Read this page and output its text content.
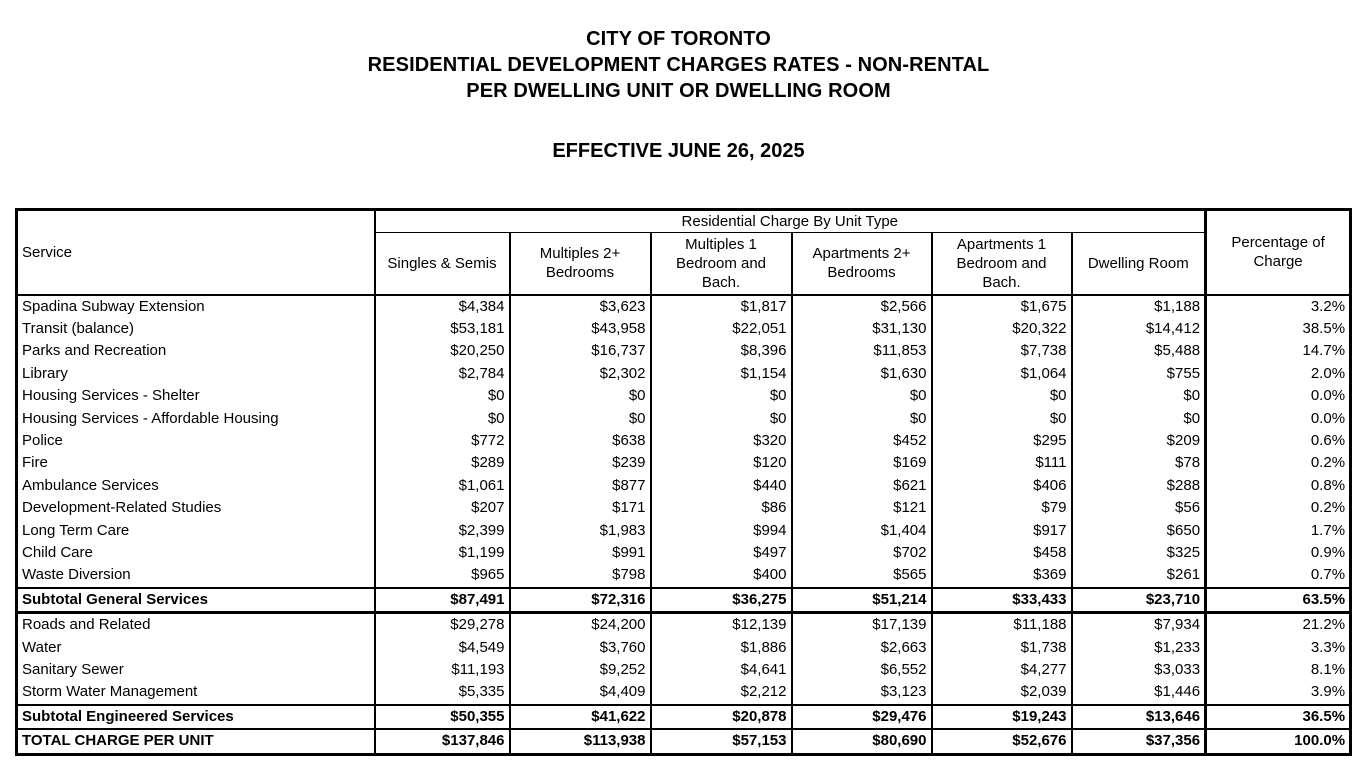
CITY OF TORONTO
RESIDENTIAL DEVELOPMENT CHARGES RATES - NON-RENTAL
PER DWELLING UNIT OR DWELLING ROOM
EFFECTIVE JUNE 26, 2025
Service	Residential Charge By Unit Type						Percentage of Charge
	Singles & Semis	Multiples 2+ Bedrooms	Multiples 1 Bedroom and Bach.	Apartments 2+ Bedrooms	Apartments 1 Bedroom and Bach.	Dwelling Room	
Spadina Subway Extension	$4,384	$3,623	$1,817	$2,566	$1,675	$1,188	3.2%
Transit (balance)	$53,181	$43,958	$22,051	$31,130	$20,322	$14,412	38.5%
Parks and Recreation	$20,250	$16,737	$8,396	$11,853	$7,738	$5,488	14.7%
Library	$2,784	$2,302	$1,154	$1,630	$1,064	$755	2.0%
Housing Services - Shelter	$0	$0	$0	$0	$0	$0	0.0%
Housing Services - Affordable Housing	$0	$0	$0	$0	$0	$0	0.0%
Police	$772	$638	$320	$452	$295	$209	0.6%
Fire	$289	$239	$120	$169	$111	$78	0.2%
Ambulance Services	$1,061	$877	$440	$621	$406	$288	0.8%
Development-Related Studies	$207	$171	$86	$121	$79	$56	0.2%
Long Term Care	$2,399	$1,983	$994	$1,404	$917	$650	1.7%
Child Care	$1,199	$991	$497	$702	$458	$325	0.9%
Waste Diversion	$965	$798	$400	$565	$369	$261	0.7%
Subtotal General Services	$87,491	$72,316	$36,275	$51,214	$33,433	$23,710	63.5%
Roads and Related	$29,278	$24,200	$12,139	$17,139	$11,188	$7,934	21.2%
Water	$4,549	$3,760	$1,886	$2,663	$1,738	$1,233	3.3%
Sanitary Sewer	$11,193	$9,252	$4,641	$6,552	$4,277	$3,033	8.1%
Storm Water Management	$5,335	$4,409	$2,212	$3,123	$2,039	$1,446	3.9%
Subtotal Engineered Services	$50,355	$41,622	$20,878	$29,476	$19,243	$13,646	36.5%
TOTAL CHARGE PER UNIT	$137,846	$113,938	$57,153	$80,690	$52,676	$37,356	100.0%
